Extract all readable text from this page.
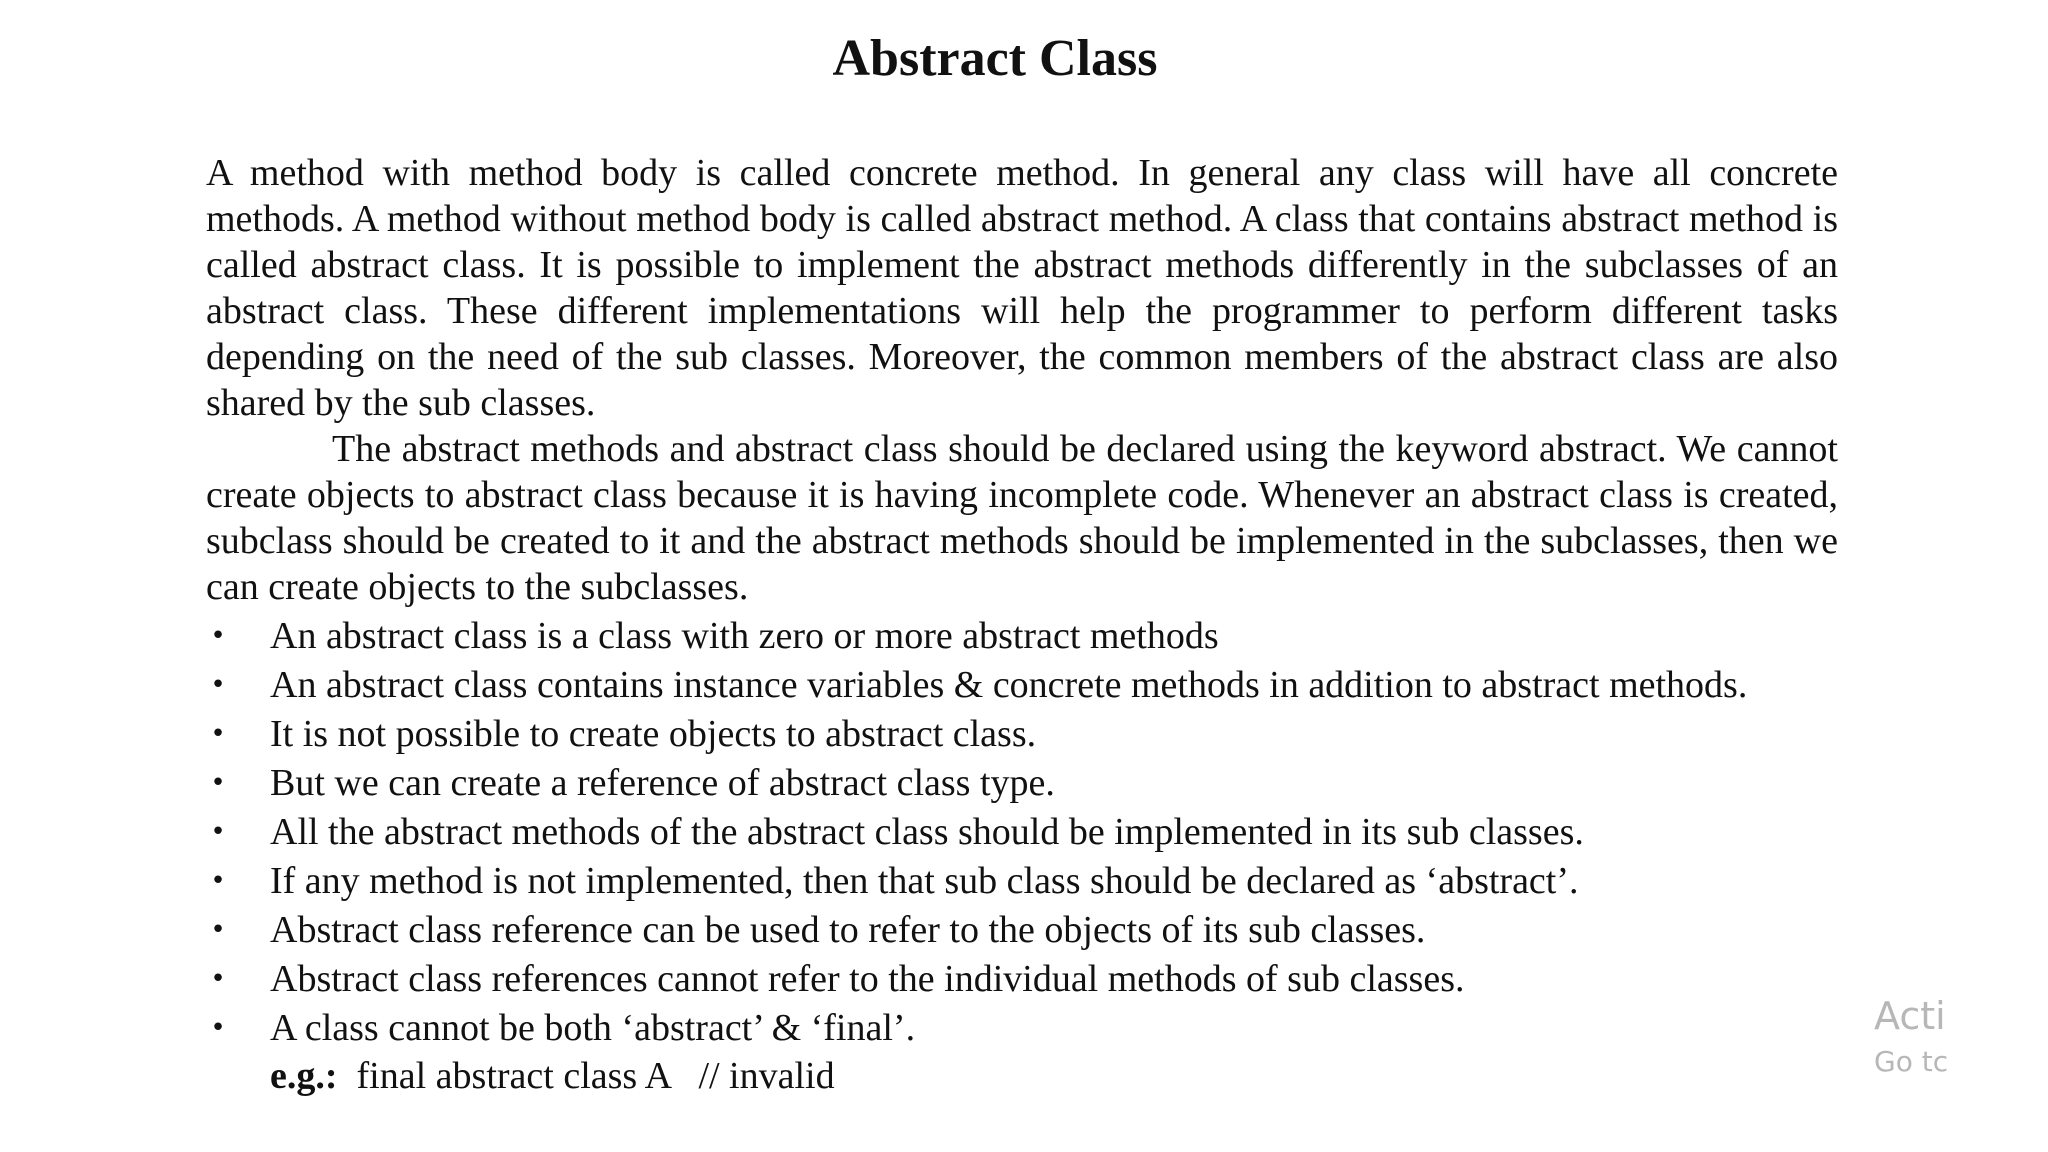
Abstract Class

A method with method body is called concrete method. In general any class will have all concrete methods. A method without method body is called abstract method. A class that contains abstract method is called abstract class. It is possible to implement the abstract methods differently in the subclasses of an abstract class. These different implementations will help the programmer to perform different tasks depending on the need of the sub classes. Moreover, the common members of the abstract class are also shared by the sub classes.

The abstract methods and abstract class should be declared using the keyword abstract. We cannot create objects to abstract class because it is having incomplete code. Whenever an abstract class is created, subclass should be created to it and the abstract methods should be implemented in the subclasses, then we can create objects to the subclasses.

• An abstract class is a class with zero or more abstract methods
• An abstract class contains instance variables & concrete methods in addition to abstract methods.
• It is not possible to create objects to abstract class.
• But we can create a reference of abstract class type.
• All the abstract methods of the abstract class should be implemented in its sub classes.
• If any method is not implemented, then that sub class should be declared as ‘abstract’.
• Abstract class reference can be used to refer to the objects of its sub classes.
• Abstract class references cannot refer to the individual methods of sub classes.
• A class cannot be both ‘abstract’ & ‘final’.
e.g.:  final abstract class A   // invalid
Acti
Go tc
